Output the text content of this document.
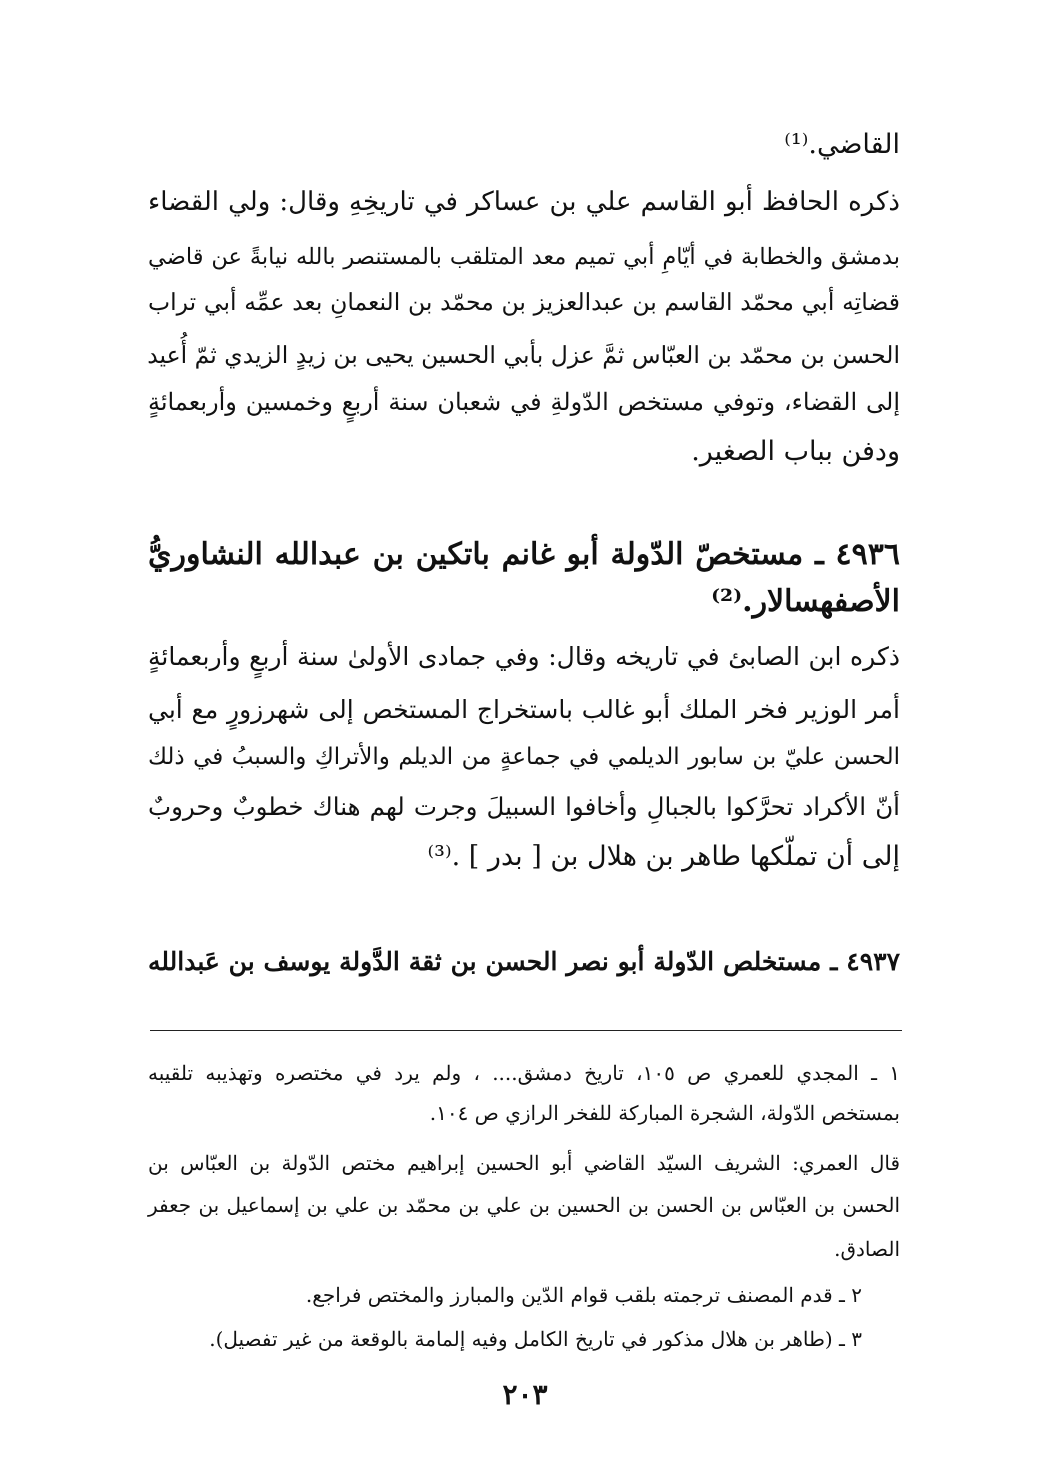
القاضي.⁽¹⁾
ذكره الحافظ أبو القاسم علي بن عساكر في تاريخِهِ وقال: ولي القضاء
بدمشق والخطابة في أيّامِ أبي تميم معد المتلقب بالمستنصر بالله نيابةً عن قاضي
قضاتِه أبي محمّد القاسم بن عبدالعزيز بن محمّد بن النعمانِ بعد عمِّه أبي تراب
الحسن بن محمّد بن العبّاس ثمَّ عزل بأبي الحسين يحيى بن زيدٍ الزيدي ثمّ أُعيد
إلى القضاء، وتوفي مستخص الدّولةِ في شعبان سنة أربعٍ وخمسين وأربعمائةٍ
ودفن بباب الصغير.
٤٩٣٦ ـ مستخصّ الدّولة أبو غانم باتكين بن عبدالله النشاوريُّ
الأصفهسالار.⁽²⁾
ذكره ابن الصابئ في تاريخه وقال: وفي جمادى الأولىٰ سنة أربعٍ وأربعمائةٍ
أمر الوزير فخر الملك أبو غالب باستخراج المستخص إلى شهرزورٍ مع أبي
الحسن عليّ بن سابور الديلمي في جماعةٍ من الديلم والأتراكِ والسببُ في ذلك
أنّ الأكراد تحرَّكوا بالجبالِ وأخافوا السبيلَ وجرت لهم هناك خطوبٌ وحروبٌ
إلى أن تملّكها طاهر بن هلال بن [ بدر ] .⁽³⁾
٤٩٣٧ ـ مستخلص الدّولة أبو نصر الحسن بن ثقة الدَّولة يوسف بن عَبدالله
١ ـ المجدي للعمري ص ١٠٥، تاريخ دمشق.... ، ولم يرد في مختصره وتهذيبه تلقيبه
بمستخص الدّولة، الشجرة المباركة للفخر الرازي ص ١٠٤.
قال العمري: الشريف السيّد القاضي أبو الحسين إبراهيم مختص الدّولة بن العبّاس بن
الحسن بن العبّاس بن الحسن بن الحسين بن علي بن محمّد بن علي بن إسماعيل بن جعفر
الصادق.
٢ ـ قدم المصنف ترجمته بلقب قوام الدّين والمبارز والمختص فراجع.
٣ ـ (طاهر بن هلال مذكور في تاريخ الكامل وفيه إلمامة بالوقعة من غير تفصيل).
٢٠٣
